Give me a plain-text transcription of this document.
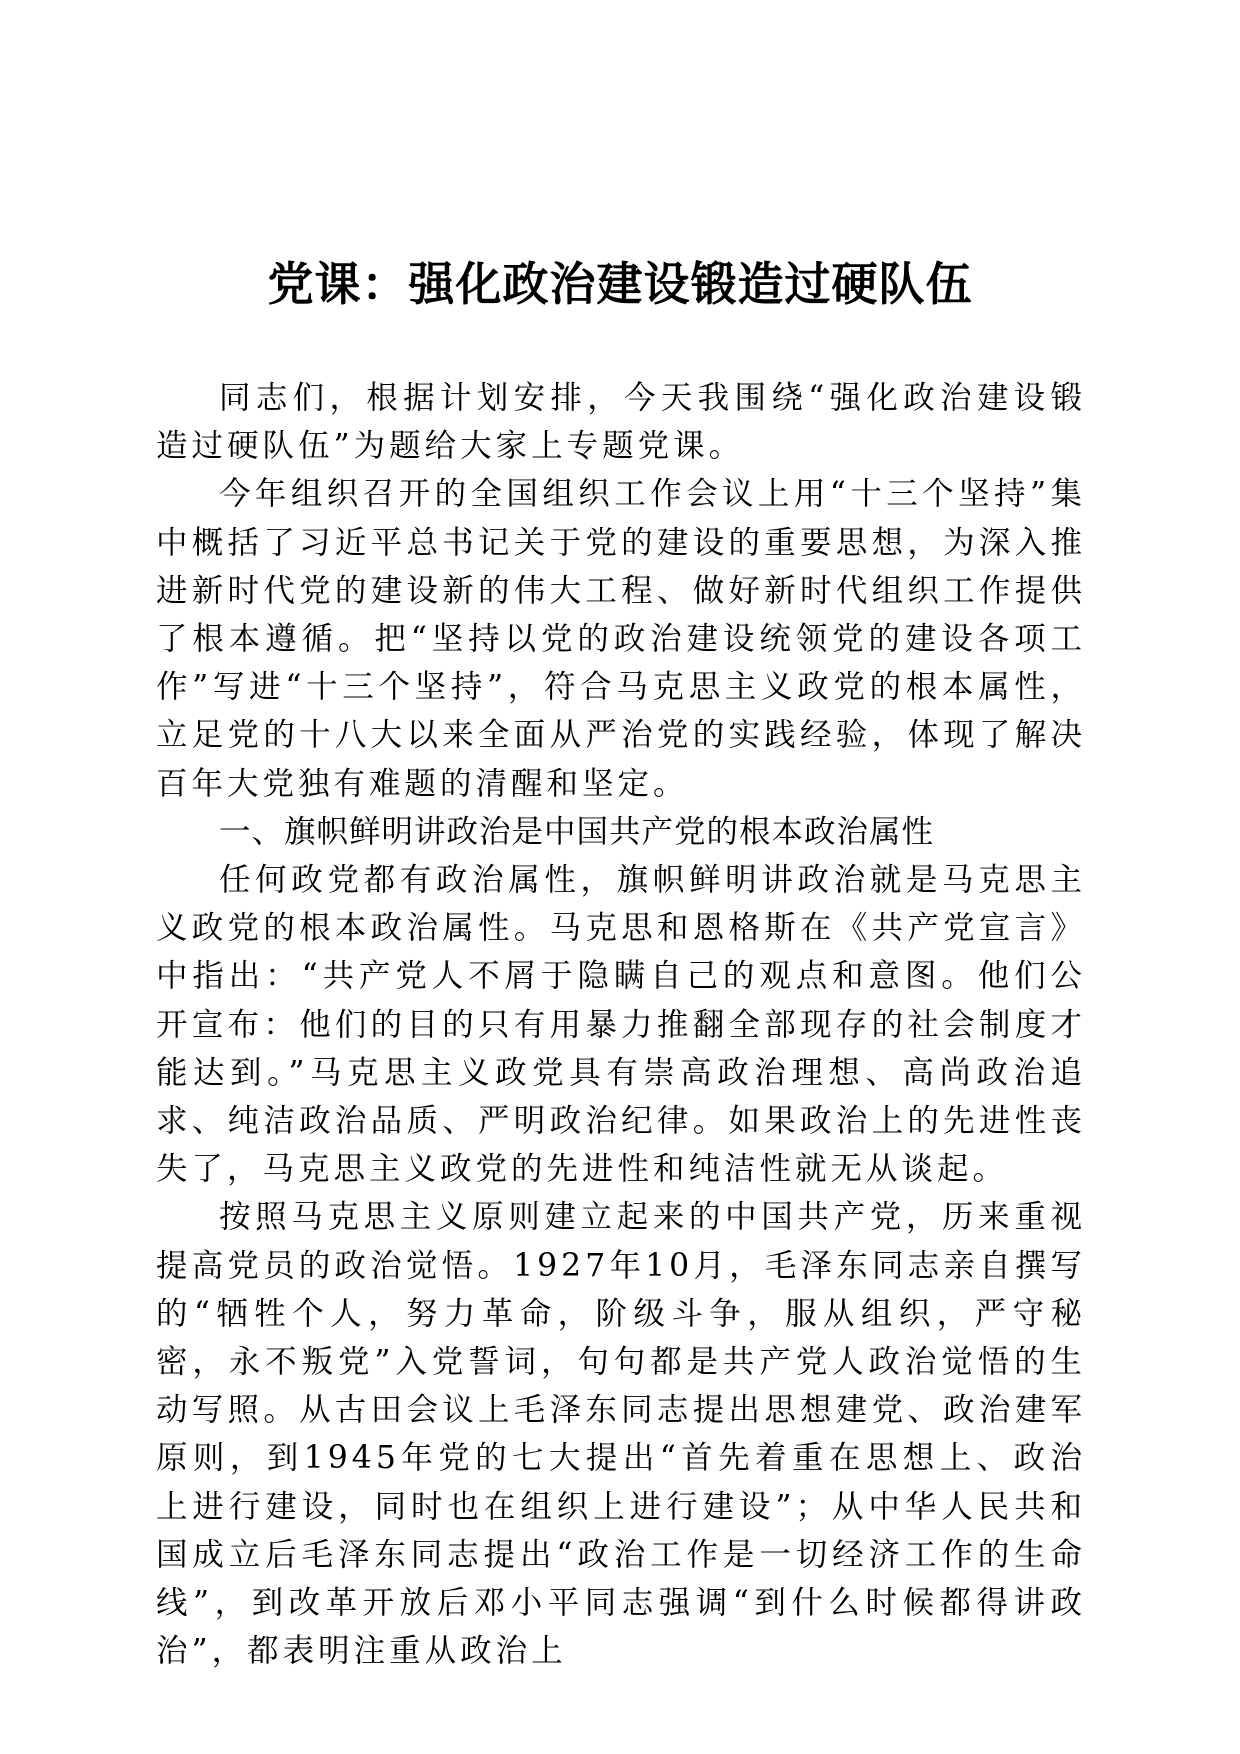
党课：强化政治建设锻造过硬队伍

同志们，根据计划安排，今天我围绕“强化政治建设锻造过硬队伍”为题给大家上专题党课。

今年组织召开的全国组织工作会议上用“十三个坚持”集中概括了习近平总书记关于党的建设的重要思想，为深入推进新时代党的建设新的伟大工程、做好新时代组织工作提供了根本遵循。把“坚持以党的政治建设统领党的建设各项工作”写进“十三个坚持”，符合马克思主义政党的根本属性，立足党的十八大以来全面从严治党的实践经验，体现了解决百年大党独有难题的清醒和坚定。

一、旗帜鲜明讲政治是中国共产党的根本政治属性

任何政党都有政治属性，旗帜鲜明讲政治就是马克思主义政党的根本政治属性。马克思和恩格斯在《共产党宣言》中指出：“共产党人不屑于隐瞒自己的观点和意图。他们公开宣布：他们的目的只有用暴力推翻全部现存的社会制度才能达到。”马克思主义政党具有崇高政治理想、高尚政治追求、纯洁政治品质、严明政治纪律。如果政治上的先进性丧失了，马克思主义政党的先进性和纯洁性就无从谈起。

按照马克思主义原则建立起来的中国共产党，历来重视提高党员的政治觉悟。1927年10月，毛泽东同志亲自撰写的“牺牲个人，努力革命，阶级斗争，服从组织，严守秘密，永不叛党”入党誓词，句句都是共产党人政治觉悟的生动写照。从古田会议上毛泽东同志提出思想建党、政治建军原则，到1945年党的七大提出“首先着重在思想上、政治上进行建设，同时也在组织上进行建设”；从中华人民共和国成立后毛泽东同志提出“政治工作是一切经济工作的生命线”，到改革开放后邓小平同志强调“到什么时候都得讲政治”，都表明注重从政治上
